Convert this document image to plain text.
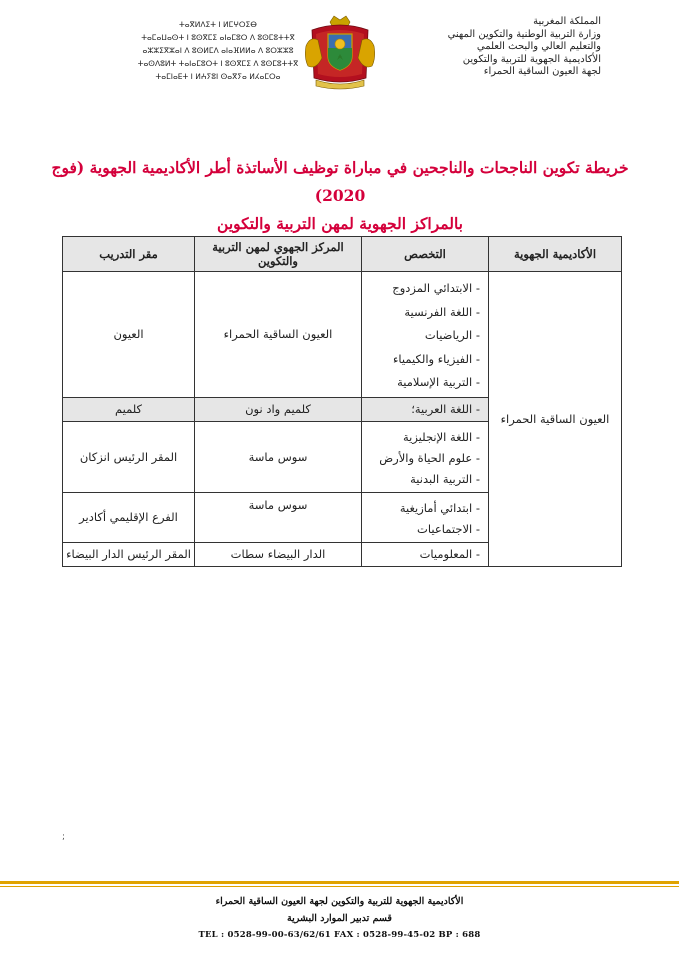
ⵜⴰⴳⵍⴷⵉⵜ ⵏ ⵍⵎⵖⵔⵉⴱ
ⵜⴰⵎⴰⵡⴰⵙⵜ ⵏ ⵓⵙⴳⵎⵉ ⴰⵏⴰⵎⵓⵔ ⴷ ⵓⵙⵎⵓⵜⵜⴳ
ⴰⵣⵣⵉⴳⵣⴰⵏ ⴷ ⵓⵙⵍⵎⴷ ⴰⵏⴰⴼⵍⵍⴰ ⴷ ⵓⵔⵣⵣⵓ
ⵜⴰⵙⴷⵓⵍⵜ ⵜⴰⵏⴰⵎⵓⵔⵜ ⵏ ⵓⵙⴳⵎⵉ ⴷ ⵓⵙⵎⵓⵜⵜⴳ
ⵜⴰⵎⵏⴰⴹⵜ ⵏ ⵍⵄⵢⵓⵏ ⵙⴰⴳⵢⴰ ⵍⵃⴰⵎⵔⴰ
المملكة المغربية
وزارة التربية الوطنية والتكوين المهني
والتعليم العالي والبحث العلمي
الأكاديمية الجهوية للتربية والتكوين
لجهة العيون الساقية الحمراء
خريطة تكوين الناجحات والناجحين في مباراة توظيف الأساتذة أطر الأكاديمية الجهوية (فوج 2020)
بالمراكز الجهوية لمهن التربية والتكوين
الأكاديمية الجهوية	التخصص	المركز الجهوي لمهن التربية والتكوين	مقر التدريب
العيون الساقية الحمراء	- الابتدائي المزدوج
- اللغة الفرنسية
- الرياضيات
- الفيزياء والكيمياء
- التربية الإسلامية	العيون الساقية الحمراء	العيون

	- اللغة العربية؛	كلميم واد نون	كلميم

	- اللغة الإنجليزية
- علوم الحياة والأرض
- التربية البدنية	سوس ماسة	المقر الرئيس انزكان

	- ابتدائي أمازيغية
- الاجتماعيات	سوس ماسة	الفرع الإقليمي أكادير

	- المعلوميات	الدار البيضاء سطات	المقر الرئيس الدار البيضاء
;
الأكاديمية الجهوية للتربية والتكوين لجهة العيون الساقية الحمراء
قسم تدبير الموارد البشرية
TEL : 0528-99-00-63/62/61 FAX : 0528-99-45-02 BP : 688
